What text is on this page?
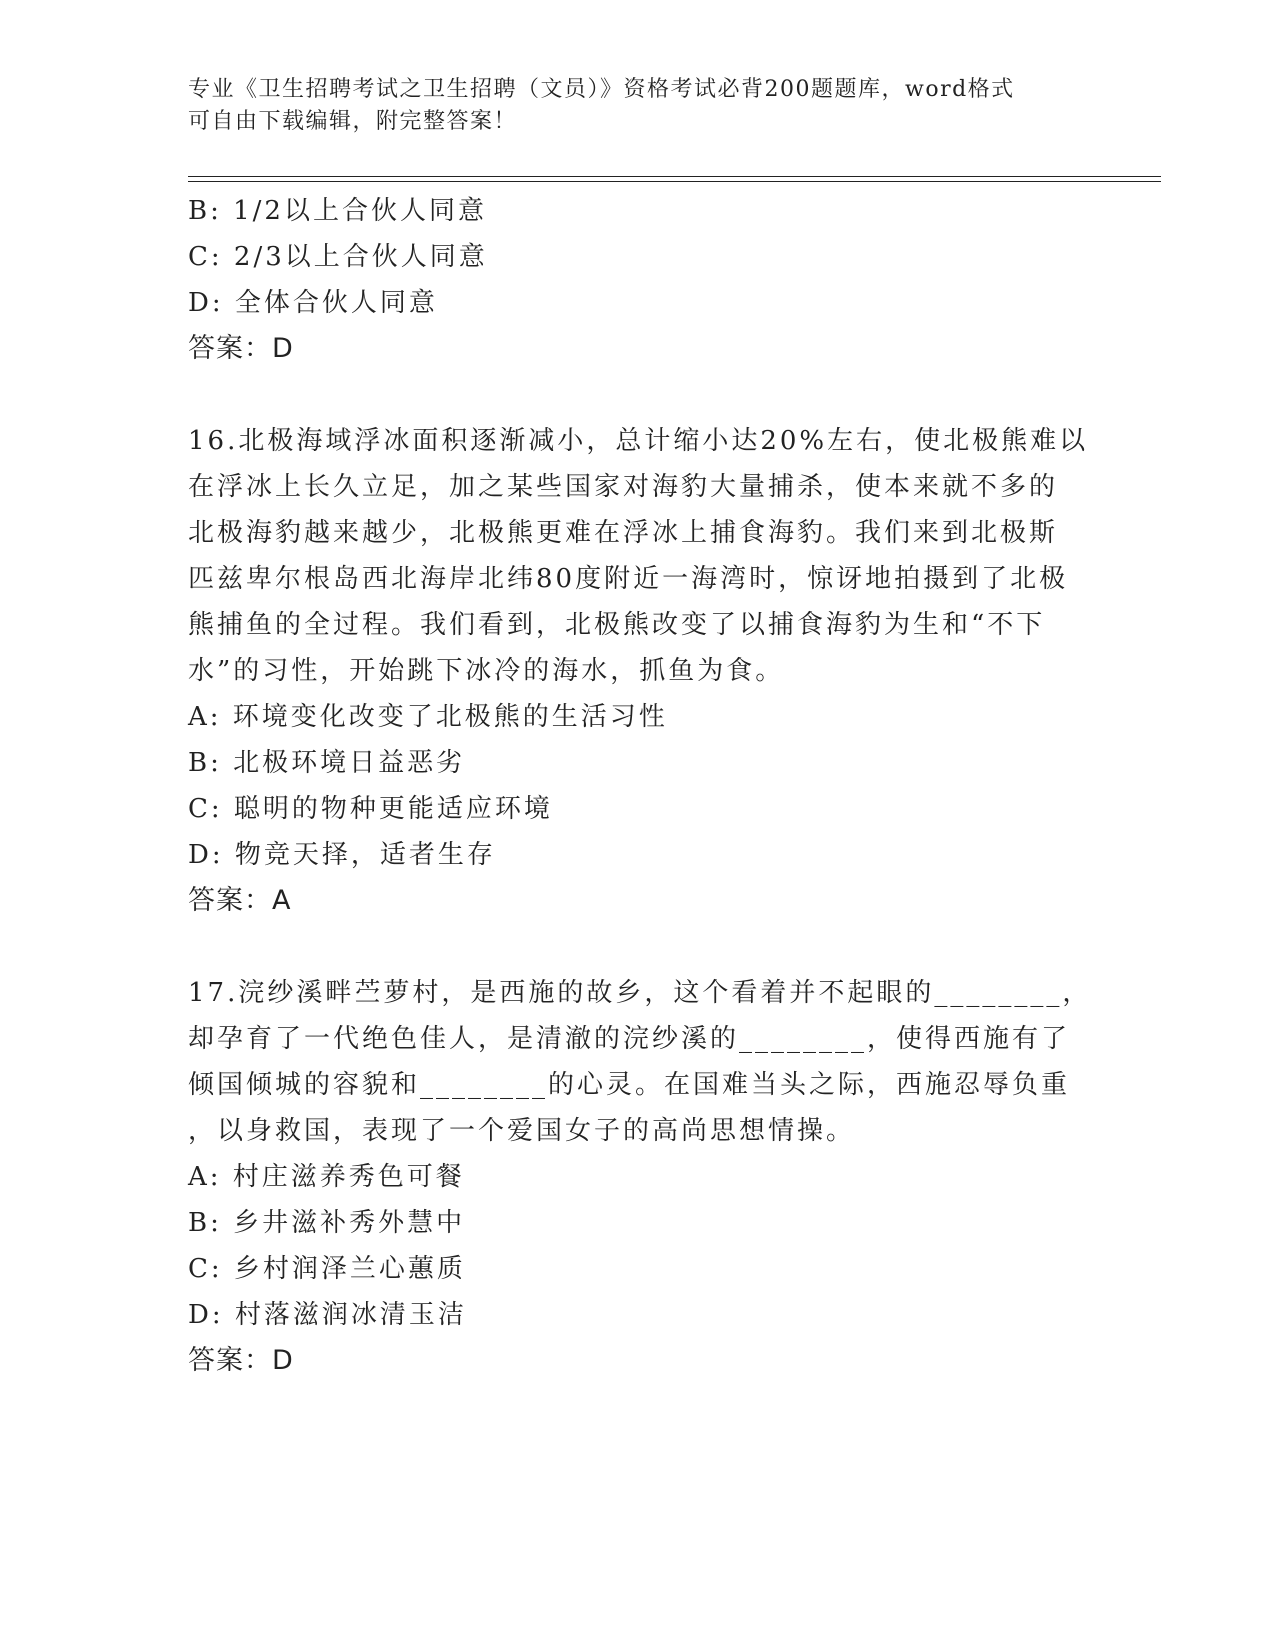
专业《卫生招聘考试之卫生招聘（文员）》资格考试必背200题题库，word格式
可自由下载编辑，附完整答案！
B: 1/2以上合伙人同意
C: 2/3以上合伙人同意
D: 全体合伙人同意
答案：D
16.北极海域浮冰面积逐渐减小，总计缩小达20%左右，使北极熊难以
在浮冰上长久立足，加之某些国家对海豹大量捕杀，使本来就不多的
北极海豹越来越少，北极熊更难在浮冰上捕食海豹。我们来到北极斯
匹兹卑尔根岛西北海岸北纬80度附近一海湾时，惊讶地拍摄到了北极
熊捕鱼的全过程。我们看到，北极熊改变了以捕食海豹为生和“不下
水”的习性，开始跳下冰冷的海水，抓鱼为食。
A: 环境变化改变了北极熊的生活习性
B: 北极环境日益恶劣
C: 聪明的物种更能适应环境
D: 物竞天择，适者生存
答案：A
17.浣纱溪畔苎萝村，是西施的故乡，这个看着并不起眼的________，
却孕育了一代绝色佳人，是清澈的浣纱溪的________，使得西施有了
倾国倾城的容貌和________的心灵。在国难当头之际，西施忍辱负重
，以身救国，表现了一个爱国女子的高尚思想情操。
A: 村庄滋养秀色可餐
B: 乡井滋补秀外慧中
C: 乡村润泽兰心蕙质
D: 村落滋润冰清玉洁
答案：D
